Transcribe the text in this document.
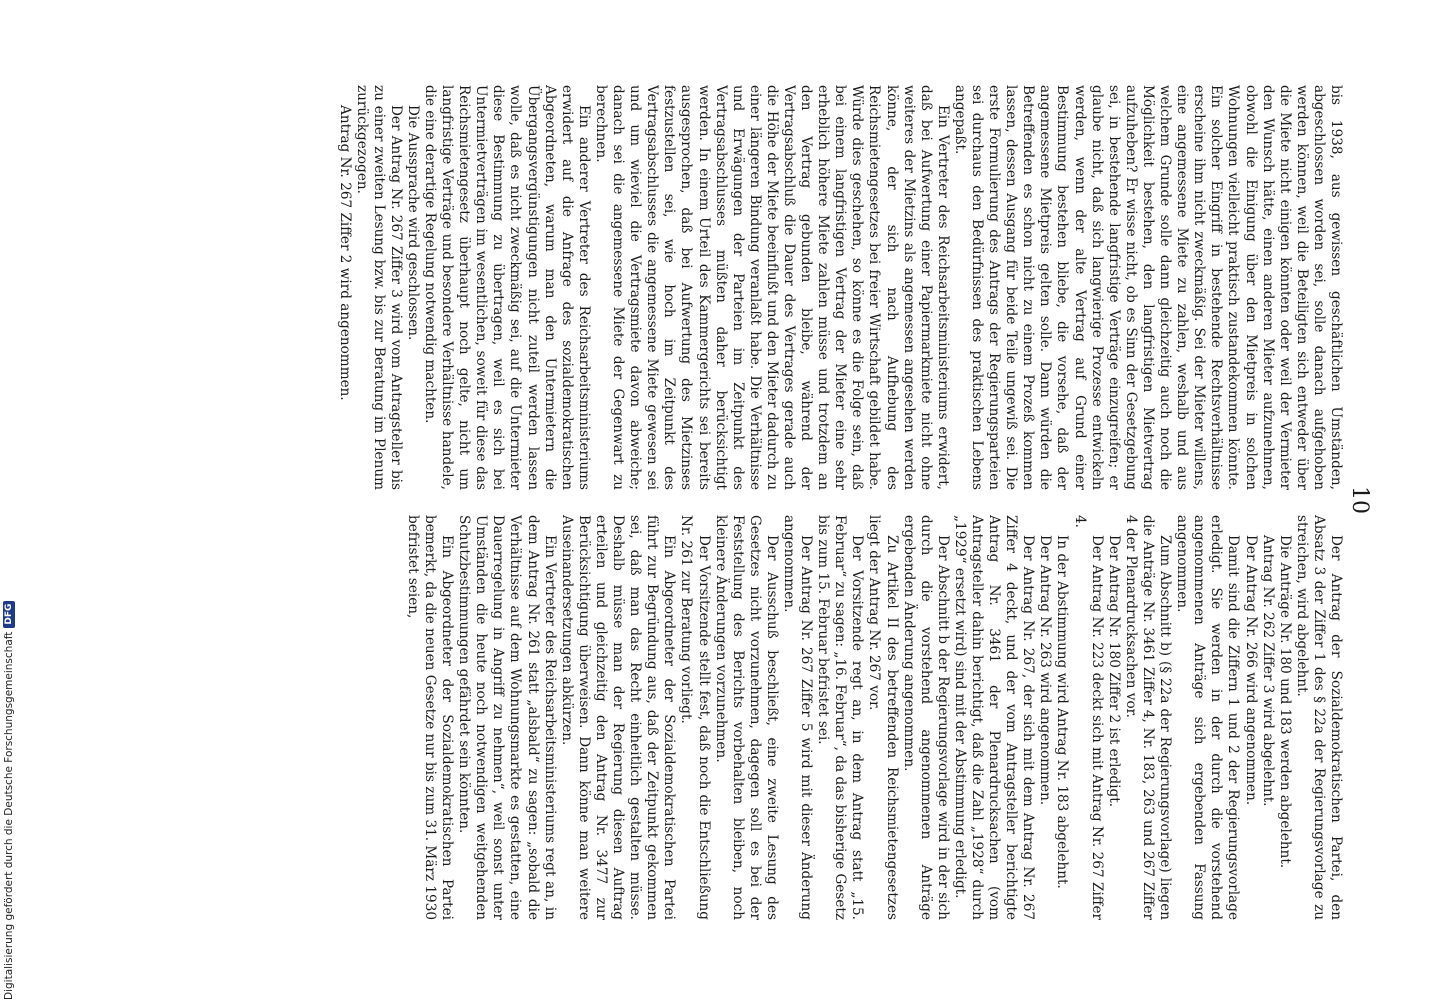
10

bis 1938, aus gewissen geschäftlichen Umständen, abgeschlossen worden sei, solle danach aufgehoben werden können, weil die Beteiligten sich entweder über die Miete nicht einigen könnten oder weil der Vermieter den Wunsch hätte, einen anderen Mieter aufzunehmen, obwohl die Einigung über den Mietpreis in solchen Wohnungen vielleicht praktisch zustandekommen könnte. Ein solcher Eingriff in bestehende Rechtsverhältnisse erscheine ihm nicht zweckmäßig. Sei der Mieter willens, eine angemessene Miete zu zahlen, weshalb und aus welchem Grunde solle dann gleichzeitig auch noch die Möglichkeit bestehen, den langfristigen Mietvertrag aufzuheben? Er wisse nicht, ob es Sinn der Gesetzgebung sei, in bestehende langfristige Verträge einzugreifen; er glaube nicht, daß sich langwierige Prozesse entwickeln werden, wenn der alte Vertrag auf Grund einer Bestimmung bestehen bliebe, die vorsehe, daß der angemessene Mietpreis gelten solle. Dann würden die Betreffenden es schon nicht zu einem Prozeß kommen lassen, dessen Ausgang für beide Teile ungewiß sei. Die erste Formulierung des Antrags der Regierungsparteien sei durchaus den Bedürfnissen des praktischen Lebens angepaßt.

Ein Vertreter des Reichsarbeitsministeriums erwidert, daß bei Aufwertung einer Papiermarkmiete nicht ohne weiteres der Mietzins als angemessen angesehen werden könne, der sich nach Aufhebung des Reichsmietengesetzes bei freier Wirtschaft gebildet habe. Würde dies geschehen, so könne es die Folge sein, daß bei einem langfristigen Vertrag der Mieter eine sehr erheblich höhere Miete zahlen müsse und trotzdem an den Vertrag gebunden bleibe, während der Vertragsabschluß die Dauer des Vertrages gerade auch die Höhe der Miete beeinflußt und den Mieter dadurch zu einer längeren Bindung veranlaßt habe. Die Verhältnisse und Erwägungen der Parteien im Zeitpunkt des Vertragsabschlusses müßten daher berücksichtigt werden. In einem Urteil des Kammergerichts sei bereits ausgesprochen, daß bei Aufwertung des Mietzinses festzustellen sei, wie hoch im Zeitpunkt des Vertragsabschlusses die angemessene Miete gewesen sei und um wieviel die Vertragsmiete davon abweiche; danach sei die angemessene Miete der Gegenwart zu berechnen.

Ein anderer Vertreter des Reichsarbeitsministeriums erwidert auf die Anfrage des sozialdemokratischen Abgeordneten, warum man den Untermietern die Übergangsvergünstigungen nicht zuteil werden lassen wolle, daß es nicht zweckmäßig sei, auf die Untermieter diese Bestimmung zu übertragen, weil es sich bei Untermietverträgen im wesentlichen, soweit für diese das Reichsmietengesetz überhaupt noch gelte, nicht um langfristige Verträge und besondere Verhältnisse handele, die eine derartige Regelung notwendig machten.

Die Aussprache wird geschlossen.

Der Antrag Nr. 267 Ziffer 3 wird vom Antragsteller bis zu einer zweiten Lesung bzw. bis zur Beratung im Plenum zurückgezogen.

Antrag Nr. 267 Ziffer 2 wird angenommen.

Der Antrag der Sozialdemokratischen Partei, den Absatz 3 der Ziffer 1 des § 22a der Regierungsvorlage zu streichen, wird abgelehnt.

Die Anträge Nr. 180 und 183 werden abgelehnt.

Antrag Nr. 262 Ziffer 3 wird abgelehnt.

Der Antrag Nr. 266 wird angenommen.

Damit sind die Ziffern 1 und 2 der Regierungsvorlage erledigt. Sie werden in der durch die vorstehend angenommenen Anträge sich ergebenden Fassung angenommen.

Zum Abschnitt b) (§ 22a der Regierungsvorlage) liegen die Anträge Nr. 3461 Ziffer 4, Nr. 183, 263 und 267 Ziffer 4 der Plenardrucksachen vor.

Der Antrag Nr. 180 Ziffer 2 ist erledigt.

Der Antrag Nr. 223 deckt sich mit Antrag Nr. 267 Ziffer 4.

In der Abstimmung wird Antrag Nr. 183 abgelehnt.

Der Antrag Nr. 263 wird angenommen.

Der Antrag Nr. 267, der sich mit dem Antrag Nr. 267 Ziffer 4 deckt, und der vom Antragsteller berichtigte Antrag Nr. 3461 der Plenardrucksachen (vom Antragsteller dahin berichtigt, daß die Zahl „1928“ durch „1929“ ersetzt wird) sind mit der Abstimmung erledigt.

Der Abschnitt b der Regierungsvorlage wird in der sich durch die vorstehend angenommenen Anträge ergebenden Änderung angenommen.

Zu Artikel II des betreffenden Reichsmietengesetzes liegt der Antrag Nr. 267 vor.

Der Vorsitzende regt an, in dem Antrag statt „15. Februar“ zu sagen: „16. Februar“, da das bisherige Gesetz bis zum 15. Februar befristet sei.

Der Antrag Nr. 267 Ziffer 5 wird mit dieser Änderung angenommen.

Der Ausschuß beschließt, eine zweite Lesung des Gesetzes nicht vorzunehmen, dagegen soll es bei der Feststellung des Berichts vorbehalten bleiben, noch kleinere Änderungen vorzunehmen.

Der Vorsitzende stellt fest, daß noch die Entschließung Nr. 261 zur Beratung vorliegt.

Ein Abgeordneter der Sozialdemokratischen Partei führt zur Begründung aus, daß der Zeitpunkt gekommen sei, daß man das Recht einheitlich gestalten müsse. Deshalb müsse man der Regierung diesen Auftrag erteilen und gleichzeitig den Antrag Nr. 3477 zur Berücksichtigung überweisen. Dann könne man weitere Auseinandersetzungen abkürzen.

Ein Vertreter des Reichsarbeitsministeriums regt an, in dem Antrag Nr. 261 statt „alsbald“ zu sagen: „sobald die Verhältnisse auf dem Wohnungsmarkte es gestatten, eine Dauerregelung in Angriff zu nehmen“, weil sonst unter Umständen die heute noch notwendigen weitgehenden Schutzbestimmungen gefährdet sein könnten.

Ein Abgeordneter der Sozialdemokratischen Partei bemerkt, da die neuen Gesetze nur bis zum 31. März 1930 befristet seien,

Digitalisierung gefördert durch die Deutsche Forschungsgemeinschaft
DFG
